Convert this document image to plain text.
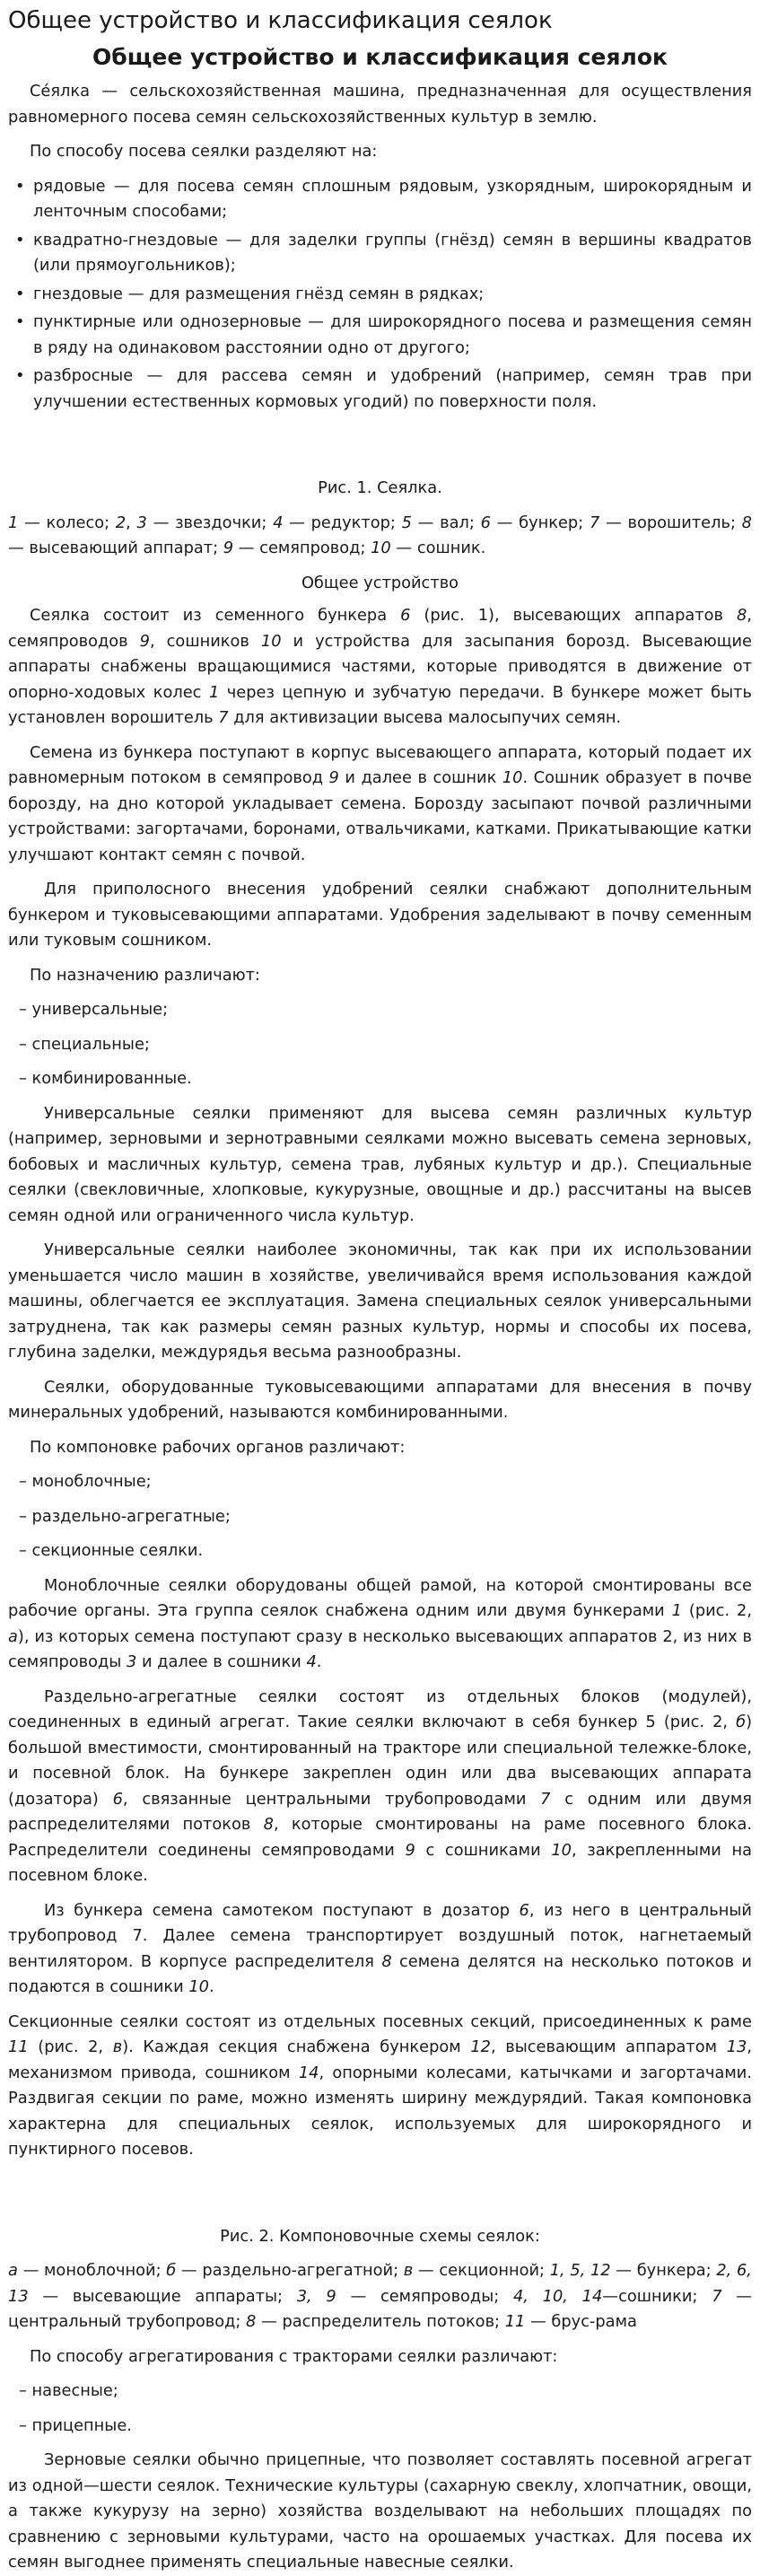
Общее устройство и классификация сеялок
Общее устройство и классификация сеялок

Се́ялка — сельскохозяйственная машина, предназначенная для осуществления равномерного посева семян сельскохозяйственных культур в землю.

По способу посева сеялки разделяют на:

• рядовые — для посева семян сплошным рядовым, узкорядным, широкорядным и ленточным способами;
• квадратно-гнездовые — для заделки группы (гнёзд) семян в вершины квадратов (или прямоугольников);
• гнездовые — для размещения гнёзд семян в рядках;
• пунктирные или однозерновые — для широкорядного посева и размещения семян в ряду на одинаковом расстоянии одно от другого;
• разбросные — для рассева семян и удобрений (например, семян трав при улучшении естественных кормовых угодий) по поверхности поля.
Рис. 1. Сеялка.

1 — колесо; 2, 3 — звездочки; 4 — редуктор; 5 — вал; 6 — бункер; 7 — ворошитель; 8 — высевающий аппарат; 9 — семяпровод; 10 — сошник.

Общее устройство

Сеялка состоит из семенного бункера 6 (рис. 1), высевающих аппаратов 8, семяпроводов 9, сошников 10 и устройства для засыпания борозд. Высевающие аппараты снабжены вращающимися частями, которые приводятся в движение от опорно-ходовых колес 1 через цепную и зубчатую передачи. В бункере может быть установлен ворошитель 7 для активизации высева малосыпучих семян.

Семена из бункера поступают в корпус высевающего аппарата, который подает их равномерным потоком в семяпровод 9 и далее в сошник 10. Сошник образует в почве борозду, на дно которой укладывает семена. Борозду засыпают почвой различными устройствами: загортачами, боронами, отвальчиками, катками. Прикатывающие катки улучшают контакт семян с почвой.

Для приполосного внесения удобрений сеялки снабжают дополнительным бункером и туковысевающими аппаратами. Удобрения заделывают в почву семенным или туковым сошником.

По назначению различают:

– универсальные;
– специальные;
– комбинированные.

Универсальные сеялки применяют для высева семян различных культур (например, зерновыми и зернотравными сеялками можно высевать семена зерновых, бобовых и масличных культур, семена трав, лубяных культур и др.). Специальные сеялки (свекловичные, хлопковые, кукурузные, овощные и др.) рассчитаны на высев семян одной или ограниченного числа культур.

Универсальные сеялки наиболее экономичны, так как при их использовании уменьшается число машин в хозяйстве, увеличивайся время использования каждой машины, облегчается ее эксплуатация. Замена специальных сеялок универсальными затруднена, так как размеры семян разных культур, нормы и способы их посева, глубина заделки, междурядья весьма разнообразны.

Сеялки, оборудованные туковысевающими аппаратами для внесения в почву минеральных удобрений, называются комбинированными.

По компоновке рабочих органов различают:

– моноблочные;
– раздельно-агрегатные;
– секционные сеялки.

Моноблочные сеялки оборудованы общей рамой, на которой смонтированы все рабочие органы. Эта группа сеялок снабжена одним или двумя бункерами 1 (рис. 2, а), из которых семена поступают сразу в несколько высевающих аппаратов 2, из них в семяпроводы 3 и далее в сошники 4.

Раздельно-агрегатные сеялки состоят из отдельных блоков (модулей), соединенных в единый агрегат. Такие сеялки включают в себя бункер 5 (рис. 2, б) большой вместимости, смонтированный на тракторе или специальной тележке-блоке, и посевной блок. На бункере закреплен один или два высевающих аппарата (дозатора) 6, связанные центральными трубопроводами 7 с одним или двумя распределителями потоков 8, которые смонтированы на раме посевного блока. Распределители соединены семяпроводами 9 с сошниками 10, закрепленными на посевном блоке.

Из бункера семена самотеком поступают в дозатор 6, из него в центральный трубопровод 7. Далее семена транспортирует воздушный поток, нагнетаемый вентилятором. В корпусе распределителя 8 семена делятся на несколько потоков и подаются в сошники 10.

Секционные сеялки состоят из отдельных посевных секций, присоединенных к раме 11 (рис. 2, в). Каждая секция снабжена бункером 12, высевающим аппаратом 13, механизмом привода, сошником 14, опорными колесами, катычками и загортачами. Раздвигая секции по раме, можно изменять ширину междурядий. Такая компоновка характерна для специальных сеялок, используемых для широкорядного и пунктирного посевов.

Рис. 2. Компоновочные схемы сеялок:

а — моноблочной; б — раздельно-агрегатной; в — секционной; 1, 5, 12 — бункера; 2, 6, 13 — высевающие аппараты; 3, 9 — семяпроводы; 4, 10, 14—сошники; 7 — центральный трубопровод; 8 — распределитель потоков; 11 — брус-рама

По способу агрегатирования с тракторами сеялки различают:

– навесные;
– прицепные.

Зерновые сеялки обычно прицепные, что позволяет составлять посевной агрегат из одной—шести сеялок. Технические культуры (сахарную свеклу, хлопчатник, овощи, а также кукурузу на зерно) хозяйства возделывают на небольших площадях по сравнению с зерновыми культурами, часто на орошаемых участках. Для посева их семян выгоднее применять специальные навесные сеялки.
